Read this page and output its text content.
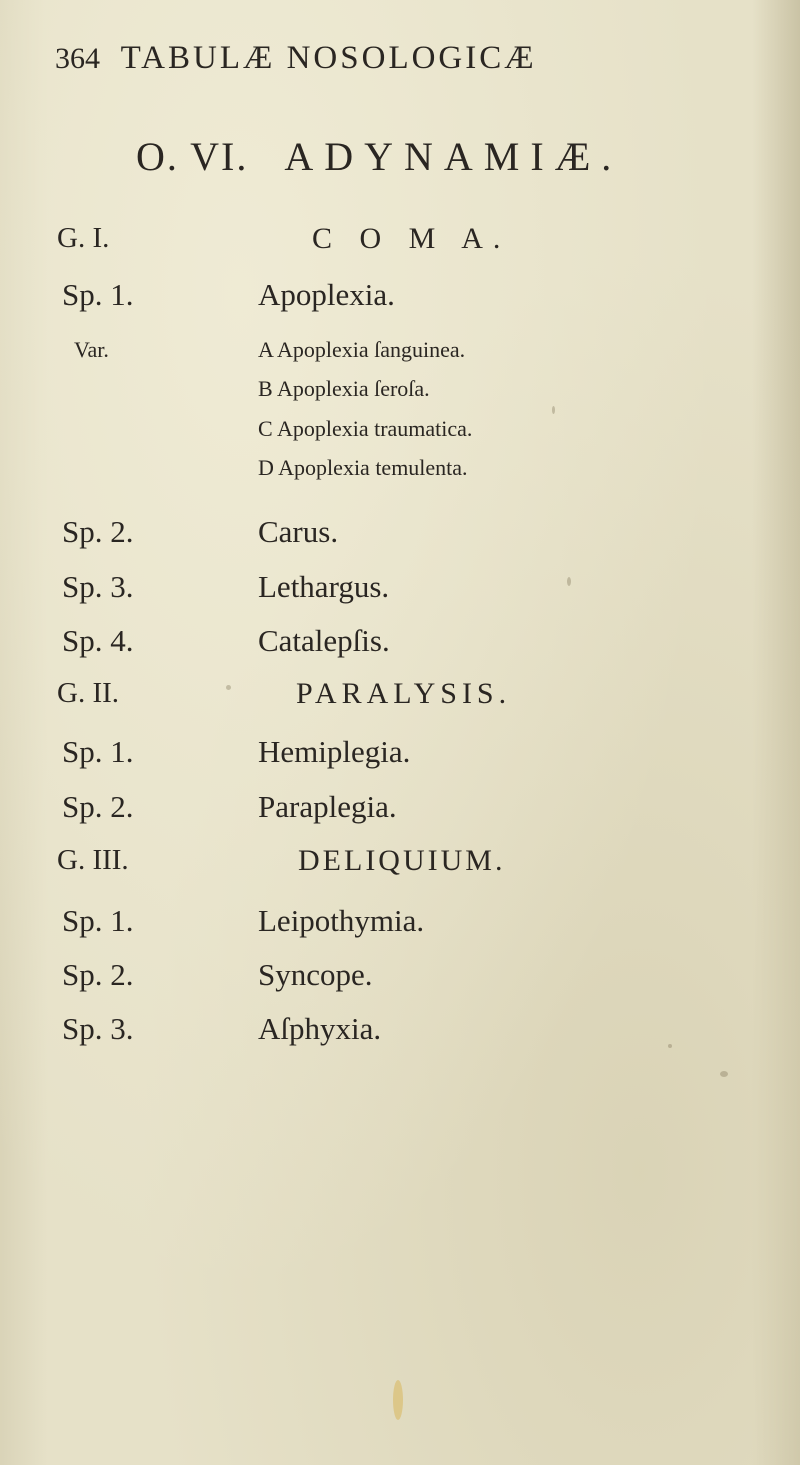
364 TABULÆ NOSOLOGICÆ
O. VI. ADYNAMIÆ.
G. I.	C O M A.
Sp. 1.	Apoplexia.
Var.	A Apoplexia ſanguinea.
B Apoplexia ſeroſa.
C Apoplexia traumatica.
D Apoplexia temulenta.
Sp. 2.	Carus.
Sp. 3.	Lethargus.
Sp. 4.	Catalepſis.
G. II.	PARALYSIS.
Sp. 1.	Hemiplegia.
Sp. 2.	Paraplegia.
G. III.	DELIQUIUM.
Sp. 1.	Leipothymia.
Sp. 2.	Syncope.
Sp. 3.	Aſphyxia.
